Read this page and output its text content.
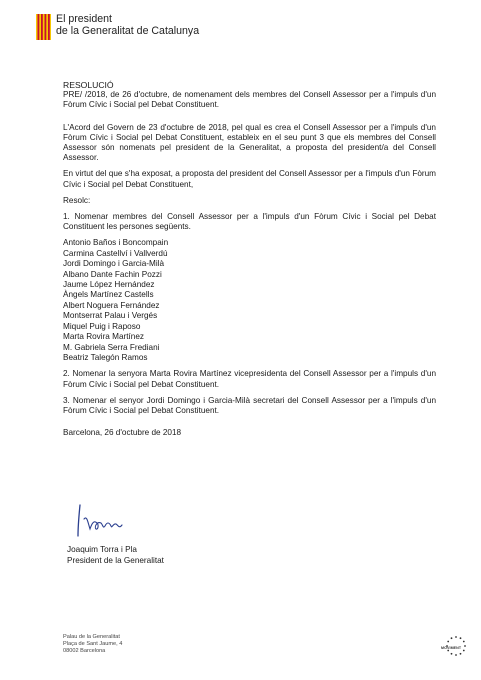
El president
de la Generalitat de Catalunya

RESOLUCIÓ

PRE/ /2018, de 26 d'octubre, de nomenament dels membres del Consell Assessor per a l'impuls d'un Fòrum Cívic i Social pel Debat Constituent.

L'Acord del Govern de 23 d'octubre de 2018, pel qual es crea el Consell Assessor per a l'impuls d'un Fòrum Cívic i Social pel Debat Constituent, estableix en el seu punt 3 que els membres del Consell Assessor són nomenats pel president de la Generalitat, a proposta del president/a del Consell Assessor.

En virtut del que s'ha exposat, a proposta del president del Consell Assessor per a l'impuls d'un Fòrum Cívic i Social pel Debat Constituent,

Resolc:

1. Nomenar membres del Consell Assessor per a l'impuls d'un Fòrum Cívic i Social pel Debat Constituent les persones següents.

Antonio Baños i Boncompain
Carmina Castellví i Vallverdú
Jordi Domingo i Garcia-Milà
Albano Dante Fachin Pozzi
Jaume López Hernández
Àngels Martínez Castells
Albert Noguera Fernández
Montserrat Palau i Vergés
Miquel Puig i Raposo
Marta Rovira Martínez
M. Gabriela Serra Frediani
Beatriz Talegón Ramos

2. Nomenar la senyora Marta Rovira Martínez vicepresidenta del Consell Assessor per a l'impuls d'un Fòrum Cívic i Social pel Debat Constituent.

3. Nomenar el senyor Jordi Domingo i Garcia-Milà secretari del Consell Assessor per a l'impuls d'un Fòrum Cívic i Social pel Debat Constituent.

Barcelona, 26 d'octubre de 2018

Joaquim Torra i Pla
President de la Generalitat
Palau de la Generalitat
Plaça de Sant Jaume, 4
08002 Barcelona	MOVIMENT
